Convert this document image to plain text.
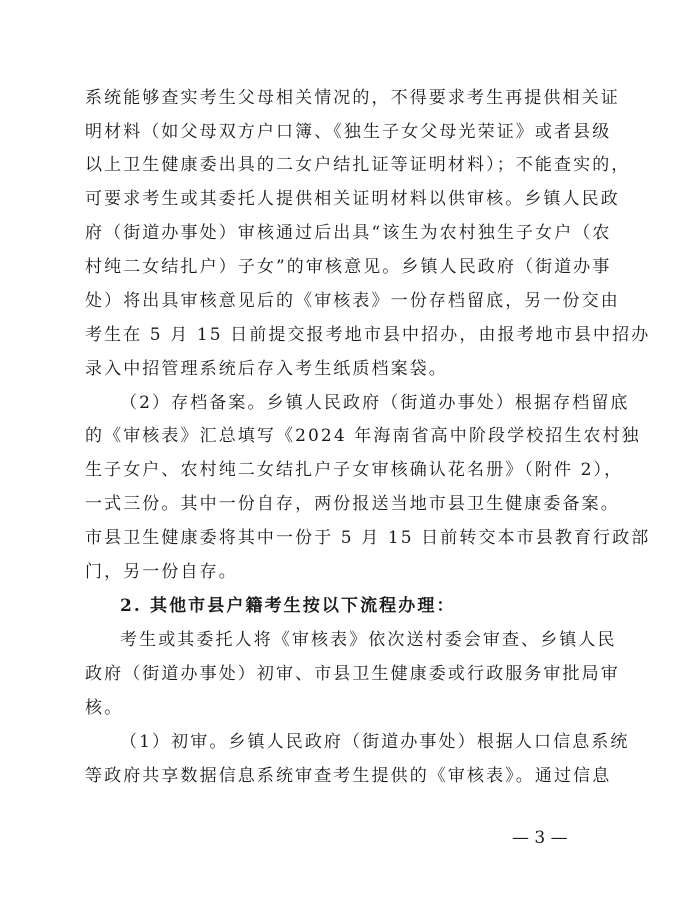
系统能够查实考生父母相关情况的，不得要求考生再提供相关证
明材料（如父母双方户口簿、《独生子女父母光荣证》或者县级
以上卫生健康委出具的二女户结扎证等证明材料）；不能查实的，
可要求考生或其委托人提供相关证明材料以供审核。乡镇人民政
府（街道办事处）审核通过后出具“该生为农村独生子女户（农
村纯二女结扎户）子女”的审核意见。乡镇人民政府（街道办事
处）将出具审核意见后的《审核表》一份存档留底，另一份交由
考生在 5 月 15 日前提交报考地市县中招办，由报考地市县中招办
录入中招管理系统后存入考生纸质档案袋。
（2）存档备案。乡镇人民政府（街道办事处）根据存档留底
的《审核表》汇总填写《2024 年海南省高中阶段学校招生农村独
生子女户、农村纯二女结扎户子女审核确认花名册》（附件 2），
一式三份。其中一份自存，两份报送当地市县卫生健康委备案。
市县卫生健康委将其中一份于 5 月 15 日前转交本市县教育行政部
门，另一份自存。
2. 其他市县户籍考生按以下流程办理：
考生或其委托人将《审核表》依次送村委会审查、乡镇人民
政府（街道办事处）初审、市县卫生健康委或行政服务审批局审
核。
（1）初审。乡镇人民政府（街道办事处）根据人口信息系统
等政府共享数据信息系统审查考生提供的《审核表》。通过信息
— 3 —
